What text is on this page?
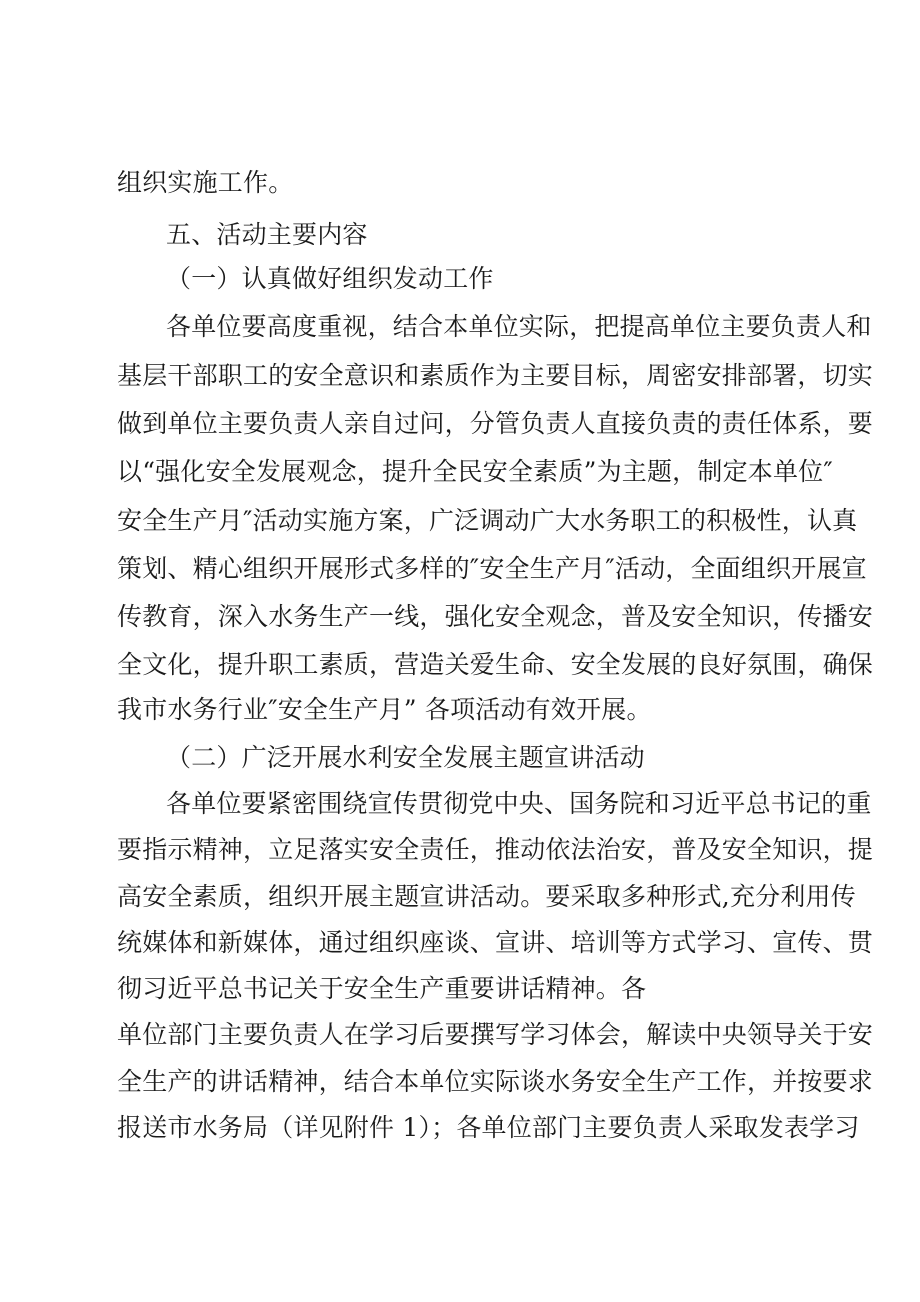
组织实施工作。
五、活动主要内容
（一）认真做好组织发动工作
各单位要高度重视，结合本单位实际，把提高单位主要负责人和
基层干部职工的安全意识和素质作为主要目标，周密安排部署，切实
做到单位主要负责人亲自过问，分管负责人直接负责的责任体系，要
以“强化安全发展观念，提升全民安全素质”为主题，制定本单位″
安全生产月″活动实施方案，广泛调动广大水务职工的积极性，认真
策划、精心组织开展形式多样的″安全生产月″活动，全面组织开展宣
传教育，深入水务生产一线，强化安全观念，普及安全知识，传播安
全文化，提升职工素质，营造关爱生命、安全发展的良好氛围，确保
我市水务行业″安全生产月” 各项活动有效开展。
（二）广泛开展水利安全发展主题宣讲活动
各单位要紧密围绕宣传贯彻党中央、国务院和习近平总书记的重
要指示精神，立足落实安全责任，推动依法治安，普及安全知识，提
高安全素质，组织开展主题宣讲活动。要采取多种形式,充分利用传
统媒体和新媒体，通过组织座谈、宣讲、培训等方式学习、宣传、贯
彻习近平总书记关于安全生产重要讲话精神。各
单位部门主要负责人在学习后要撰写学习体会，解读中央领导关于安
全生产的讲话精神，结合本单位实际谈水务安全生产工作，并按要求
报送市水务局（详见附件 1）；各单位部门主要负责人采取发表学习
